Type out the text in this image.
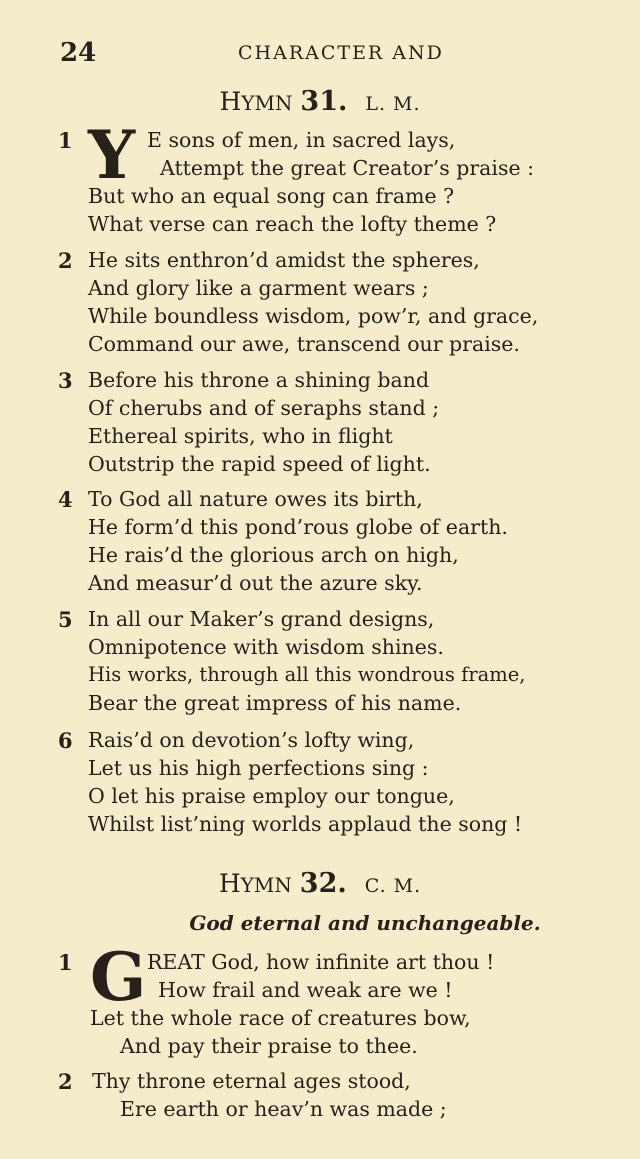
24	CHARACTER AND
HYMN 31. L. M.
1 Y E sons of men, in sacred lays,
Attempt the great Creator’s praise :
But who an equal song can frame ?
What verse can reach the lofty theme ?
2 He sits enthron’d amidst the spheres,
And glory like a garment wears ;
While boundless wisdom, pow’r, and grace,
Command our awe, transcend our praise.
3 Before his throne a shining band
Of cherubs and of seraphs stand ;
Ethereal spirits, who in flight
Outstrip the rapid speed of light.
4 To God all nature owes its birth,
He form’d this pond’rous globe of earth.
He rais’d the glorious arch on high,
And measur’d out the azure sky.
5 In all our Maker’s grand designs,
Omnipotence with wisdom shines.
His works, through all this wondrous frame,
Bear the great impress of his name.
6 Rais’d on devotion’s lofty wing,
Let us his high perfections sing :
O let his praise employ our tongue,
Whilst list’ning worlds applaud the song !
HYMN 32. C. M.
God eternal and unchangeable.
1 G REAT God, how infinite art thou !
How frail and weak are we !
Let the whole race of creatures bow,
And pay their praise to thee.
2 Thy throne eternal ages stood,
Ere earth or heav’n was made ;
